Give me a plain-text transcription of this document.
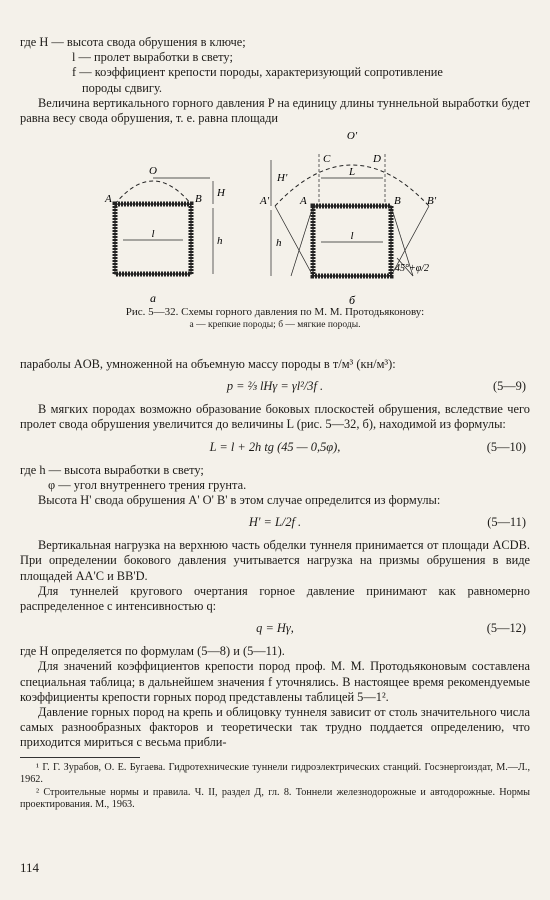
где H — высота свода обрушения в ключе;

l — пролет выработки в свету;

f — коэффициент крепости породы, характеризующий сопротивление

породы сдвигу.

Величина вертикального горного давления P на единицу длины туннельной выработки будет равна весу свода обрушения, т. е. равна площади

O
A	B H
h
l
а
O'
C	D
L
H'
A'	A	B B'
h
l
45°+φ/2
б
Рис. 5—32. Схемы горного давления по М. М. Протодьяконову:
а — крепкие породы; б — мягкие породы.

параболы AOB, умноженной на объемную массу породы в т/м³ (кн/м³):

p = ⅔ lHγ = γl²/3f .	(5—9)

В мягких породах возможно образование боковых плоскостей обрушения, вследствие чего пролет свода обрушения увеличится до величины L (рис. 5—32, б), находимой из формулы:

L = l + 2h tg (45 — 0,5φ),	(5—10)

где h — высота выработки в свету;

φ — угол внутреннего трения грунта.

Высота H' свода обрушения A' O' B' в этом случае определится из формулы:

H' = L/2f .	(5—11)

Вертикальная нагрузка на верхнюю часть обделки туннеля принимается от площади ACDB. При определении бокового давления учитывается нагрузка на призмы обрушения в виде площадей AA'C и BB'D.

Для туннелей кругового очертания горное давление принимают как равномерно распределенное с интенсивностью q:

q = Hγ,	(5—12)

где H определяется по формулам (5—8) и (5—11).

Для значений коэффициентов крепости пород проф. М. М. Протодьяконовым составлена специальная таблица; в дальнейшем значения f уточнялись. В настоящее время рекомендуемые коэффициенты крепости горных пород представлены таблицей 5—1².

Давление горных пород на крепь и облицовку туннеля зависит от столь значительного числа самых разнообразных факторов и теоретически так трудно поддается определению, что приходится мириться с весьма прибли-

¹ Г. Г. Зурабов, О. Е. Бугаева. Гидротехнические туннели гидроэлектрических станций. Госэнергоиздат, М.—Л., 1962.

² Строительные нормы и правила. Ч. II, раздел Д, гл. 8. Тоннели железнодорожные и автодорожные. Нормы проектирования. М., 1963.

114
